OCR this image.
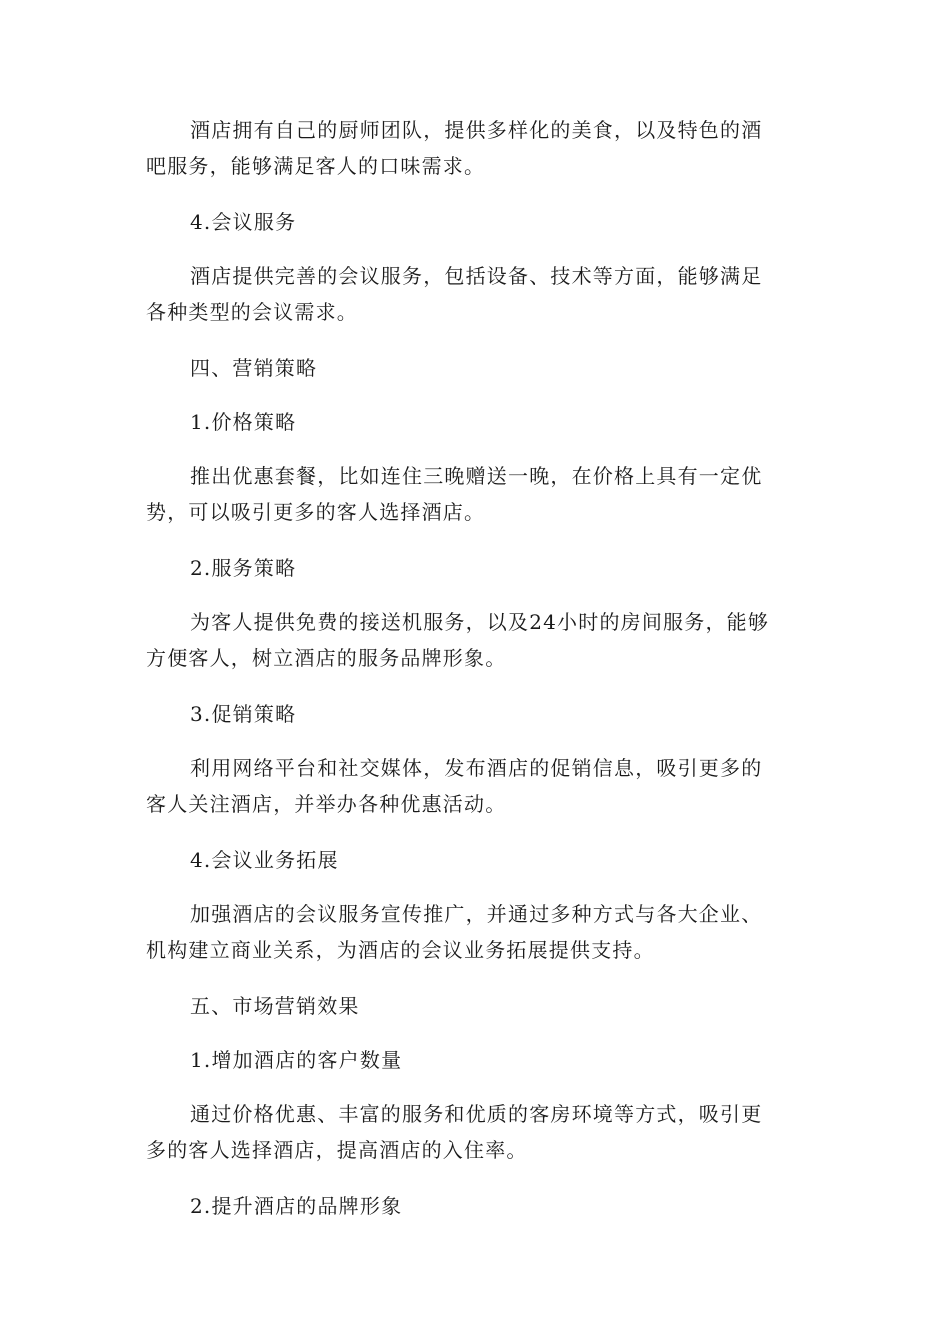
酒店拥有自己的厨师团队，提供多样化的美食，以及特色的酒
吧服务，能够满足客人的口味需求。

4.会议服务

酒店提供完善的会议服务，包括设备、技术等方面，能够满足
各种类型的会议需求。

四、营销策略

1.价格策略

推出优惠套餐，比如连住三晚赠送一晚，在价格上具有一定优
势，可以吸引更多的客人选择酒店。

2.服务策略

为客人提供免费的接送机服务，以及24小时的房间服务，能够
方便客人，树立酒店的服务品牌形象。

3.促销策略

利用网络平台和社交媒体，发布酒店的促销信息，吸引更多的
客人关注酒店，并举办各种优惠活动。

4.会议业务拓展

加强酒店的会议服务宣传推广，并通过多种方式与各大企业、
机构建立商业关系，为酒店的会议业务拓展提供支持。

五、市场营销效果

1.增加酒店的客户数量

通过价格优惠、丰富的服务和优质的客房环境等方式，吸引更
多的客人选择酒店，提高酒店的入住率。

2.提升酒店的品牌形象
